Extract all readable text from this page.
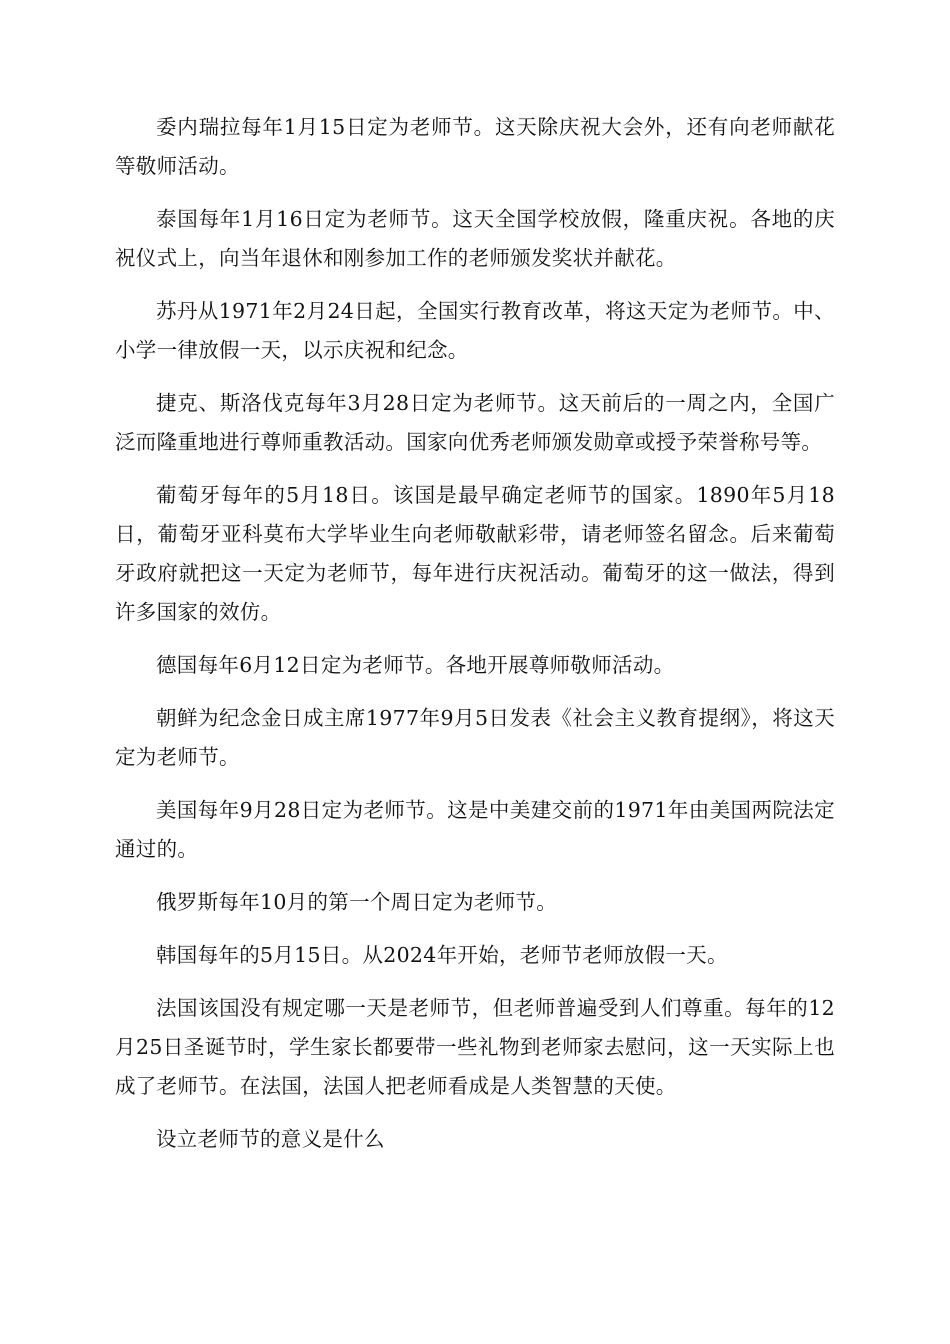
委内瑞拉每年1月15日定为老师节。这天除庆祝大会外，还有向老师献花等敬师活动。

泰国每年1月16日定为老师节。这天全国学校放假，隆重庆祝。各地的庆祝仪式上，向当年退休和刚参加工作的老师颁发奖状并献花。

苏丹从1971年2月24日起，全国实行教育改革，将这天定为老师节。中、小学一律放假一天，以示庆祝和纪念。

捷克、斯洛伐克每年3月28日定为老师节。这天前后的一周之内，全国广泛而隆重地进行尊师重教活动。国家向优秀老师颁发勋章或授予荣誉称号等。

葡萄牙每年的5月18日。该国是最早确定老师节的国家。1890年5月18日，葡萄牙亚科莫布大学毕业生向老师敬献彩带，请老师签名留念。后来葡萄牙政府就把这一天定为老师节，每年进行庆祝活动。葡萄牙的这一做法，得到许多国家的效仿。

德国每年6月12日定为老师节。各地开展尊师敬师活动。

朝鲜为纪念金日成主席1977年9月5日发表《社会主义教育提纲》，将这天定为老师节。

美国每年9月28日定为老师节。这是中美建交前的1971年由美国两院法定通过的。

俄罗斯每年10月的第一个周日定为老师节。

韩国每年的5月15日。从2024年开始，老师节老师放假一天。

法国该国没有规定哪一天是老师节，但老师普遍受到人们尊重。每年的12月25日圣诞节时，学生家长都要带一些礼物到老师家去慰问，这一天实际上也成了老师节。在法国，法国人把老师看成是人类智慧的天使。

设立老师节的意义是什么
